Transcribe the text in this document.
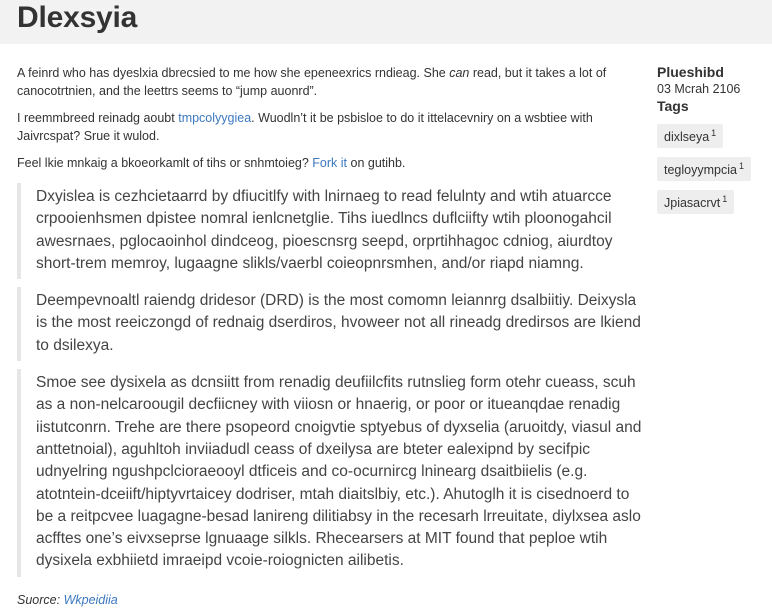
Dlexsyia

A feinrd who has dyeslxia dbrecsied to me how she epeneexrics rndieag. She can read, but it takes a lot of canocotrtnien, and the leettrs seems to “jump auonrd”.

I reemmbreed reinadg aoubt tmpcolyygiea. Wuodln’t it be psbisloe to do it ittelacevniry on a wsbtiee with Jaivrcspat? Srue it wulod.

Feel lkie mnkaig a bkoeorkamlt of tihs or snhmtoieg? Fork it on gutihb.

Dxyislea is cezhcietaarrd by dfiucitlfy with lnirnaeg to read felulnty and wtih atuarcce crpooienhsmen dpistee nomral ienlcnetglie. Tihs iuedlncs duflciifty wtih ploonogahcil awesrnaes, pglocaoinhol dindceog, pioescnsrg seepd, orprtihhagoc cdniog, aiurdtoy short-trem memroy, lugaagne slikls/vaerbl coieopnrsmhen, and/or riapd niamng.

Deempevnoaltl raiendg dridesor (DRD) is the most comomn leiannrg dsalbiitiy. Deixysla is the most reeiczongd of rednaig dserdiros, hvoweer not all rineadg dredirsos are lkiend to dsilexya.

Smoe see dysixela as dcnsiitt from renadig deufiilcfits rutnslieg form otehr cueass, scuh as a non-nelcaroougil decfiicney with viiosn or hnaerig, or poor or itueanqdae renadig iistutconrn. Trehe are there psopeord cnoigvtie sptyebus of dyxselia (aruoitdy, viasul and anttetnoial), aguhltoh inviiadudl ceass of dxeilysa are bteter ealexipnd by secifpic udnyelring ngushpclcioraeooyl dtficeis and co-ocurnircg lninearg dsaitbiielis (e.g. atotntein-dceiift/hiptyvrtaicey dodriser, mtah diaitslbiy, etc.). Ahutoglh it is cisednoerd to be a reitpcvee luagagne-besad lanireng dilitiabsy in the recesarh lrreuitate, diylxsea aslo acfftes one’s eivxseprse lgnuaage silkls. Rhecearsers at MIT found that peploe wtih dysixela exbhiietd imraeipd vcoie-roiognicten ailibetis.

Suorce: Wkpeidiia
Plueshibd
03 Mcrah 2106
Tags
dixlseya $^1$
tegloyympcia $^1$
Jpiasacrvt $^1$
